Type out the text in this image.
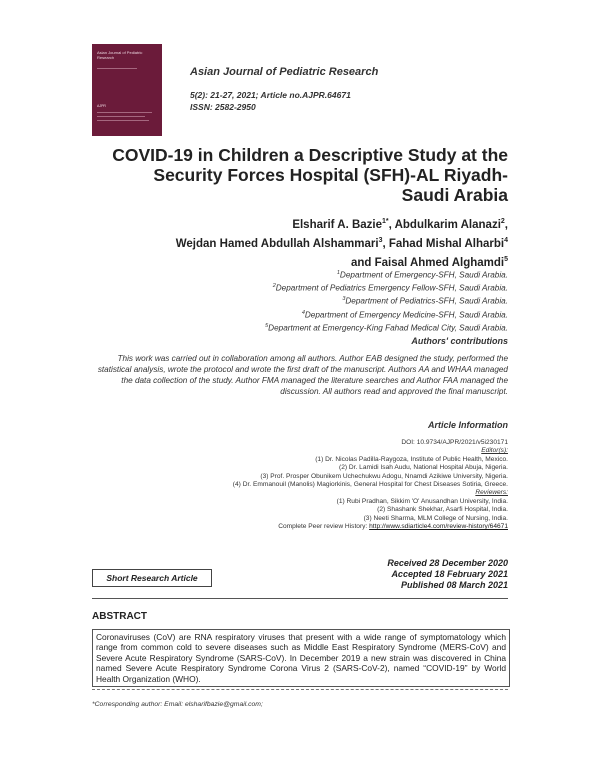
Asian Journal of Pediatric Research
AJPR
Asian Journal of Pediatric Research
5(2): 21-27, 2021; Article no.AJPR.64671
ISSN: 2582-2950
COVID-19 in Children a Descriptive Study at the Security Forces Hospital (SFH)-AL Riyadh-Saudi Arabia
Elsharif A. Bazie$^{1*}$, Abdulkarim Alanazi$^2$,
Wejdan Hamed Abdullah Alshammari$^3$, Fahad Mishal Alharbi$^4$
and Faisal Ahmed Alghamdi$^5$
$^1$Department of Emergency-SFH, Saudi Arabia.
$^2$Department of Pediatrics Emergency Fellow-SFH, Saudi Arabia.
$^3$Department of Pediatrics-SFH, Saudi Arabia.
$^4$Department of Emergency Medicine-SFH, Saudi Arabia.
$^5$Department at Emergency-King Fahad Medical City, Saudi Arabia.
Authors' contributions
This work was carried out in collaboration among all authors. Author EAB designed the study, performed the statistical analysis, wrote the protocol and wrote the first draft of the manuscript. Authors AA and WHAA managed the data collection of the study. Author FMA managed the literature searches and Author FAA managed the discussion. All authors read and approved the final manuscript.
Article Information
DOI: 10.9734/AJPR/2021/v5i230171
Editor(s):
(1) Dr. Nicolas Padilla-Raygoza, Institute of Public Health, Mexico.
(2) Dr. Lamidi Isah Audu, National Hospital Abuja, Nigeria.
(3) Prof. Prosper Obunikem Uchechukwu Adogu, Nnamdi Azikiwe University, Nigeria.
(4) Dr. Emmanouil (Manolis) Magiorkinis, General Hospital for Chest Diseases Sotiria, Greece.
Reviewers:
(1) Rubi Pradhan, Sikkim 'O' Anusandhan University, India.
(2) Shashank Shekhar, Asarfi Hospital, India.
(3) Neeti Sharma, MLM College of Nursing, India.
Complete Peer review History: http://www.sdiarticle4.com/review-history/64671
Short Research Article
Received 28 December 2020
Accepted 18 February 2021
Published 08 March 2021
ABSTRACT
Coronaviruses (CoV) are RNA respiratory viruses that present with a wide range of symptomatology which range from common cold to severe diseases such as Middle East Respiratory Syndrome (MERS-CoV) and Severe Acute Respiratory Syndrome (SARS-CoV). In December 2019 a new strain was discovered in China named Severe Acute Respiratory Syndrome Corona Virus 2 (SARS-CoV-2), named “COVID-19” by World Health Organization (WHO).
*Corresponding author: Email: elsharifbazie@gmail.com;
